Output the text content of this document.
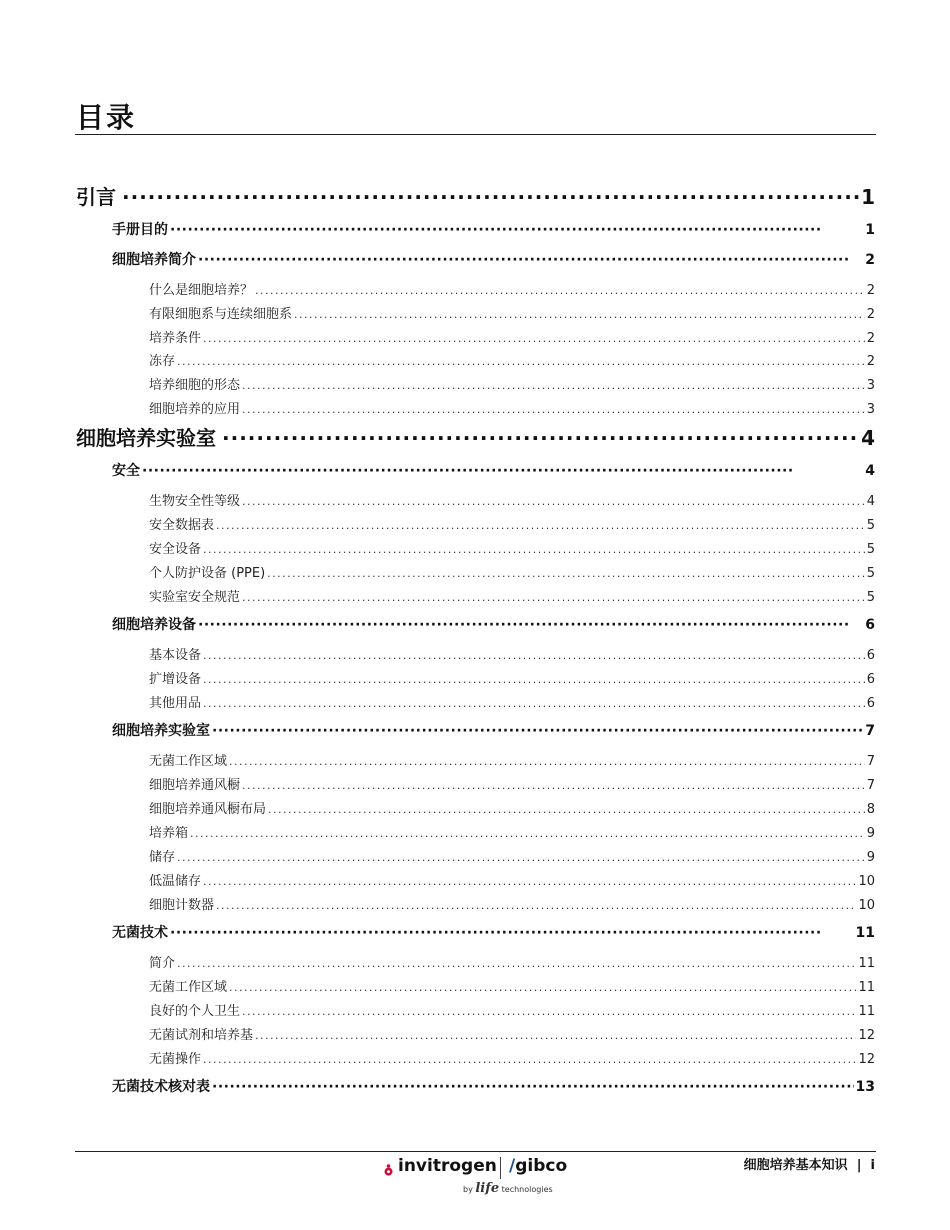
目录
引言 ·····	1
手册目的 ·····	1
细胞培养简介 ·····	2
什么是细胞培养？ .....	2
有限细胞系与连续细胞系 .....	2
培养条件 .....	2
冻存 .....	2
培养细胞的形态 .....	3
细胞培养的应用 .....	3
细胞培养实验室 ·····	4
安全 ·····	4
生物安全性等级 .....	4
安全数据表 .....	5
安全设备 .....	5
个人防护设备 (PPE) .....	5
实验室安全规范 .....	5
细胞培养设备 ·····	6
基本设备 .....	6
扩增设备 .....	6
其他用品 .....	6
细胞培养实验室 ·····	7
无菌工作区域 .....	7
细胞培养通风橱 .....	7
细胞培养通风橱布局 .....	8
培养箱 .....	9
储存 .....	9
低温储存 .....	10
细胞计数器 .....	10
无菌技术 ·····	11
简介 .....	11
无菌工作区域 .....	11
良好的个人卫生 .....	11
无菌试剂和培养基 .....	12
无菌操作 .....	12
无菌技术核对表 ·····	13
invitrogen /gibco
by life technologies
细胞培养基本知识  |  i
